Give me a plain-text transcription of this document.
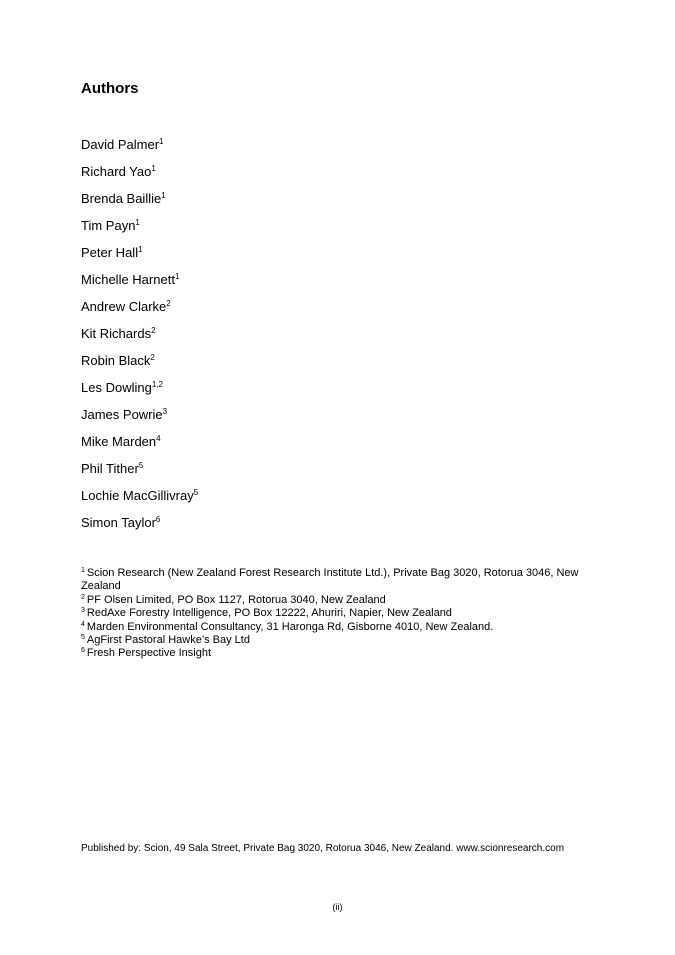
Authors
David Palmer$^1$
Richard Yao$^1$
Brenda Baillie$^1$
Tim Payn$^1$
Peter Hall$^1$
Michelle Harnett$^1$
Andrew Clarke$^2$
Kit Richards$^2$
Robin Black$^2$
Les Dowling$^{1,2}$
James Powrie$^3$
Mike Marden$^4$
Phil Tither$^5$
Lochie MacGillivray$^5$
Simon Taylor$^6$
$^1$ Scion Research (New Zealand Forest Research Institute Ltd.), Private Bag 3020, Rotorua 3046, New Zealand
$^2$ PF Olsen Limited, PO Box 1127, Rotorua 3040, New Zealand
$^3$ RedAxe Forestry Intelligence, PO Box 12222, Ahuriri, Napier, New Zealand
$^4$ Marden Environmental Consultancy, 31 Haronga Rd, Gisborne 4010, New Zealand.
$^5$ AgFirst Pastoral Hawke’s Bay Ltd
$^6$ Fresh Perspective Insight
Published by: Scion, 49 Sala Street, Private Bag 3020, Rotorua 3046, New Zealand. www.scionresearch.com
(ii)
